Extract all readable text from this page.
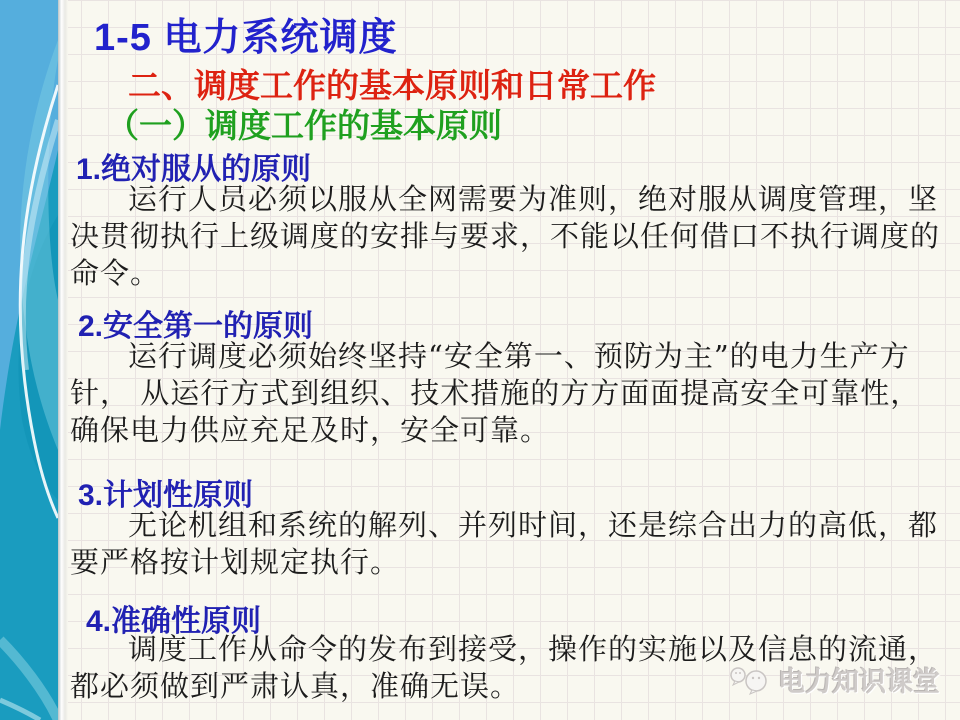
1-5 电力系统调度
二、调度工作的基本原则和日常工作
（一）调度工作的基本原则
1.绝对服从的原则
运行人员必须以服从全网需要为准则，绝对服从调度管理，坚决贯彻执行上级调度的安排与要求，不能以任何借口不执行调度的命令。
2.安全第一的原则
运行调度必须始终坚持“安全第一、预防为主”的电力生产方针， 从运行方式到组织、技术措施的方方面面提高安全可靠性，确保电力供应充足及时，安全可靠。
3.计划性原则
无论机组和系统的解列、并列时间，还是综合出力的高低，都要严格按计划规定执行。
4.准确性原则
调度工作从命令的发布到接受，操作的实施以及信息的流通，都必须做到严肃认真，准确无误。	电力知识课堂
